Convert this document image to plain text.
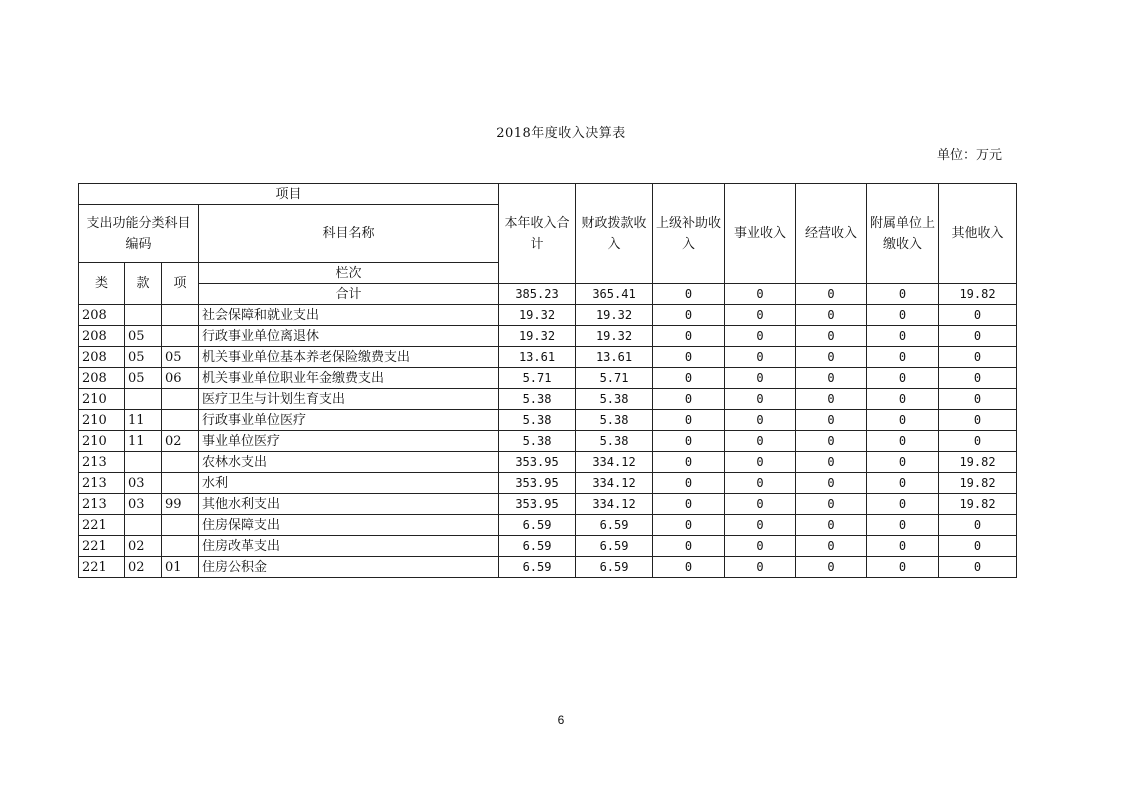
2018年度收入决算表
单位：万元
项目				本年收入合计	财政拨款收入	上级补助收入	事业收入	经营收入	附属单位上缴收入	其他收入	
支出功能分类科目编码			科目名称								
类	款	项	栏次							
			合计	385.23	365.41	0	0	0	0	19.82	
208			社会保障和就业支出	19.32	19.32	0	0	0	0	0	
208	05		行政事业单位离退休	19.32	19.32	0	0	0	0	0	
208	05	05	机关事业单位基本养老保险缴费支出	13.61	13.61	0	0	0	0	0	
208	05	06	机关事业单位职业年金缴费支出	5.71	5.71	0	0	0	0	0	
210			医疗卫生与计划生育支出	5.38	5.38	0	0	0	0	0	
210	11		行政事业单位医疗	5.38	5.38	0	0	0	0	0	
210	11	02	事业单位医疗	5.38	5.38	0	0	0	0	0	
213			农林水支出	353.95	334.12	0	0	0	0	19.82	
213	03		水利	353.95	334.12	0	0	0	0	19.82	
213	03	99	其他水利支出	353.95	334.12	0	0	0	0	19.82	
221			住房保障支出	6.59	6.59	0	0	0	0	0	
221	02		住房改革支出	6.59	6.59	0	0	0	0	0	
221	02	01	住房公积金	6.59	6.59	0	0	0	0	0	
6
